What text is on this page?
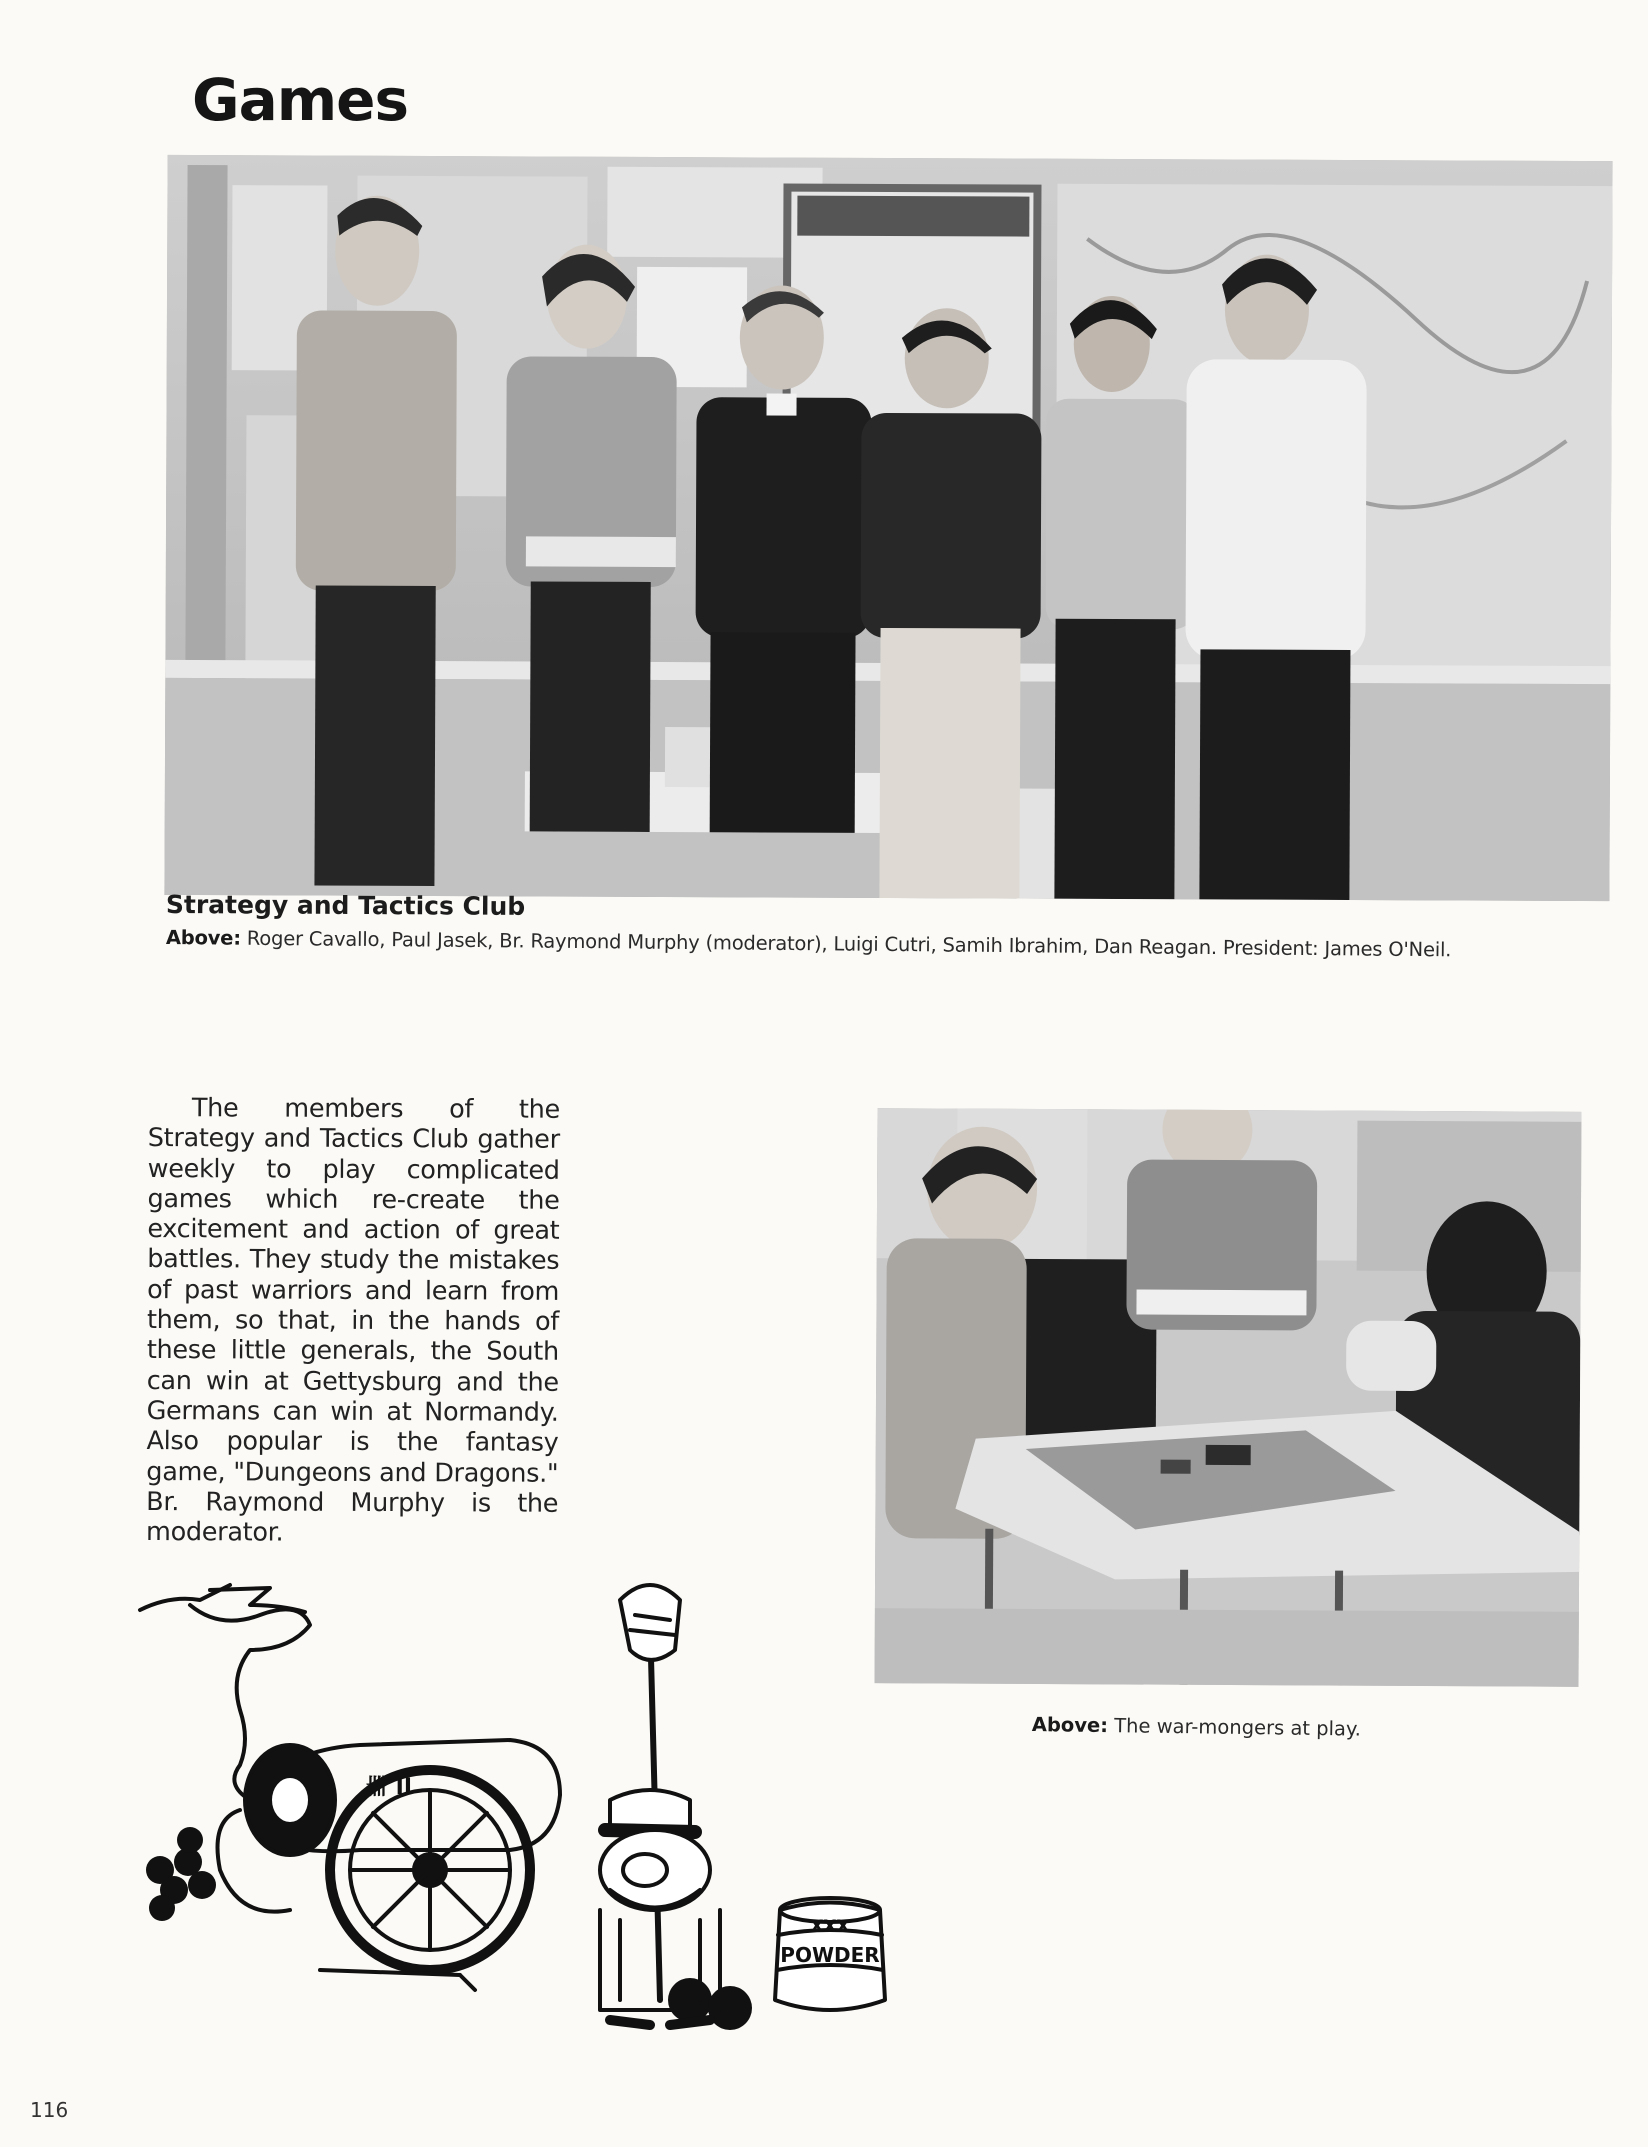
Games
Strategy and Tactics Club
Above: Roger Cavallo, Paul Jasek, Br. Raymond Murphy (moderator), Luigi Cutri, Samih Ibrahim, Dan Reagan. President: James O'Neil.
The members of the Strategy and Tactics Club gather weekly to play complicated games which re-create the excitement and action of great battles. They study the mistakes of past warriors and learn from them, so that, in the hands of these little generals, the South can win at Gettysburg and the Germans can win at Normandy. Also popular is the fantasy game, "Dungeons and Dragons." Br. Raymond Murphy is the moderator.
Above: The war-mongers at play.
卌 II
XXX
POWDER
116
